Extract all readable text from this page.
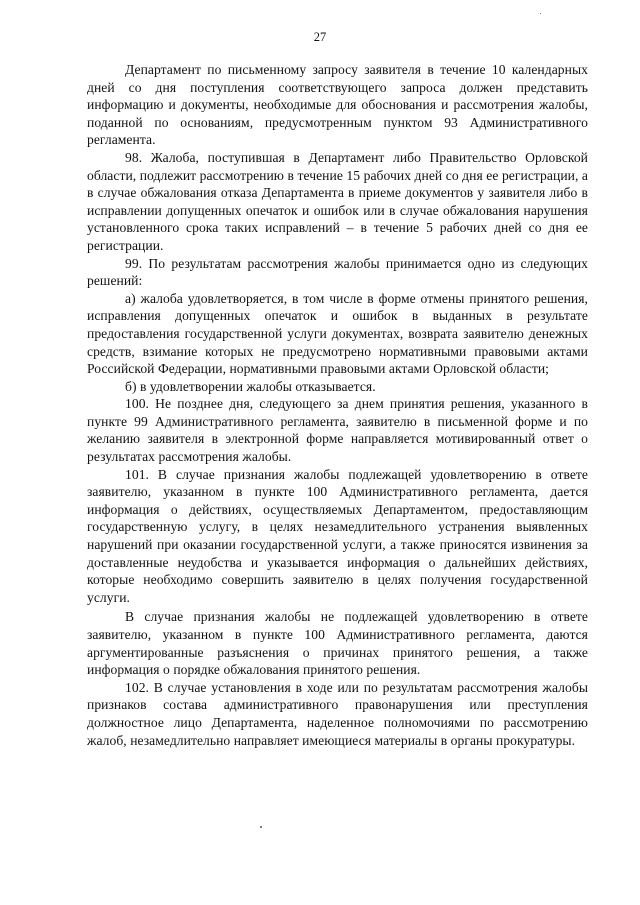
27

Департамент по письменному запросу заявителя в течение 10 календарных дней со дня поступления соответствующего запроса должен представить информацию и документы, необходимые для обоснования и рассмотрения жалобы, поданной по основаниям, предусмотренным пунктом 93 Административного регламента.

98. Жалоба, поступившая в Департамент либо Правительство Орловской области, подлежит рассмотрению в течение 15 рабочих дней со дня ее регистрации, а в случае обжалования отказа Департамента в приеме документов у заявителя либо в исправлении допущенных опечаток и ошибок или в случае обжалования нарушения установленного срока таких исправлений – в течение 5 рабочих дней со дня ее регистрации.

99. По результатам рассмотрения жалобы принимается одно из следующих решений:

а) жалоба удовлетворяется, в том числе в форме отмены принятого решения, исправления допущенных опечаток и ошибок в выданных в результате предоставления государственной услуги документах, возврата заявителю денежных средств, взимание которых не предусмотрено нормативными правовыми актами Российской Федерации, нормативными правовыми актами Орловской области;

б) в удовлетворении жалобы отказывается.

100. Не позднее дня, следующего за днем принятия решения, указанного в пункте 99 Административного регламента, заявителю в письменной форме и по желанию заявителя в электронной форме направляется мотивированный ответ о результатах рассмотрения жалобы.

101. В случае признания жалобы подлежащей удовлетворению в ответе заявителю, указанном в пункте 100 Административного регламента, дается информация о действиях, осуществляемых Департаментом, предоставляющим государственную услугу, в целях незамедлительного устранения выявленных нарушений при оказании государственной услуги, а также приносятся извинения за доставленные неудобства и указывается информация о дальнейших действиях, которые необходимо совершить заявителю в целях получения государственной услуги.

В случае признания жалобы не подлежащей удовлетворению в ответе заявителю, указанном в пункте 100 Административного регламента, даются аргументированные разъяснения о причинах принятого решения, а также информация о порядке обжалования принятого решения.

102. В случае установления в ходе или по результатам рассмотрения жалобы признаков состава административного правонарушения или преступления должностное лицо Департамента, наделенное полномочиями по рассмотрению жалоб, незамедлительно направляет имеющиеся материалы в органы прокуратуры.
